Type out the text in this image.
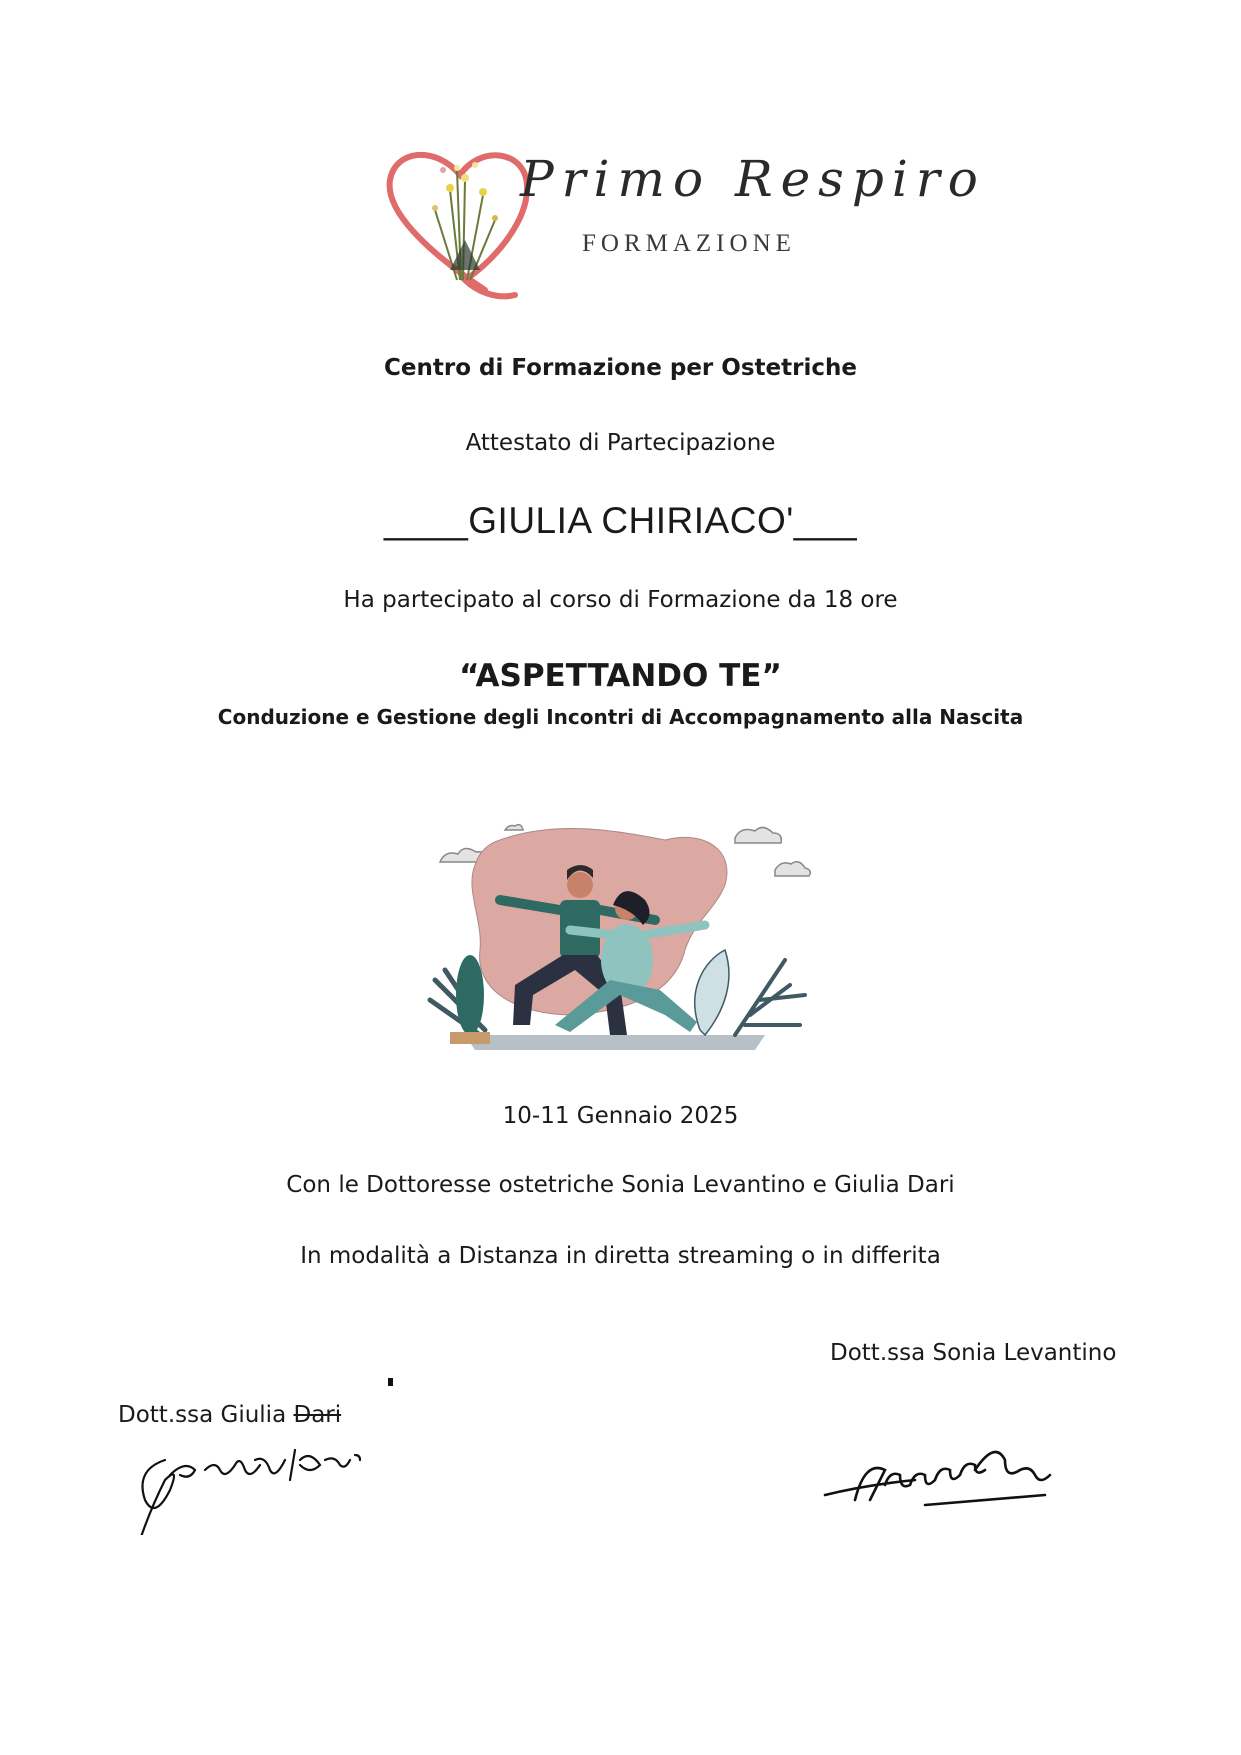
Primo Respiro
FORMAZIONE
Centro di Formazione per Ostetriche
Attestato di Partecipazione
____GIULIA CHIRIACO'___
Ha partecipato al corso di Formazione da 18 ore
“ASPETTANDO TE”
Conduzione e Gestione degli Incontri di Accompagnamento alla Nascita
10-11 Gennaio 2025
Con le Dottoresse ostetriche Sonia Levantino e Giulia Dari
In modalità a Distanza in diretta streaming o in differita
Dott.ssa Sonia Levantino
Dott.ssa Giulia Dari
